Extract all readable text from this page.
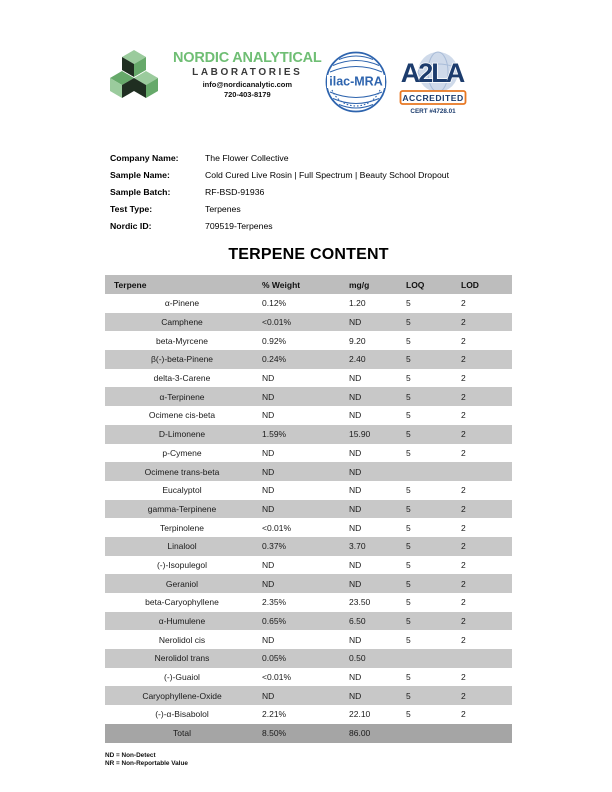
NORDIC ANALYTICAL
LABORATORIES
info@nordicanalytic.com
720-403-8179
ilac-MRA A2LA
ACCREDITED
CERT #4728.01
Company Name:	The Flower Collective
Sample Name:	Cold Cured Live Rosin | Full Spectrum | Beauty School Dropout
Sample Batch:	RF-BSD-91936
Test Type:	Terpenes
Nordic ID:	709519-Terpenes
TERPENE CONTENT
Terpene	% Weight	mg/g	LOQ	LOD
α-Pinene	0.12%	1.20	5	2
Camphene	<0.01%	ND	5	2
beta-Myrcene	0.92%	9.20	5	2
β(-)-beta-Pinene	0.24%	2.40	5	2
delta-3-Carene	ND	ND	5	2
α-Terpinene	ND	ND	5	2
Ocimene cis-beta	ND	ND	5	2
D-Limonene	1.59%	15.90	5	2
p-Cymene	ND	ND	5	2
Ocimene trans-beta	ND	ND		
Eucalyptol	ND	ND	5	2
gamma-Terpinene	ND	ND	5	2
Terpinolene	<0.01%	ND	5	2
Linalool	0.37%	3.70	5	2
(-)-Isopulegol	ND	ND	5	2
Geraniol	ND	ND	5	2
beta-Caryophyllene	2.35%	23.50	5	2
α-Humulene	0.65%	6.50	5	2
Nerolidol cis	ND	ND	5	2
Nerolidol trans	0.05%	0.50		
(-)-Guaiol	<0.01%	ND	5	2
Caryophyllene-Oxide	ND	ND	5	2
(-)-α-Bisabolol	2.21%	22.10	5	2
Total	8.50%	86.00		
ND = Non-Detect
NR = Non-Reportable Value
